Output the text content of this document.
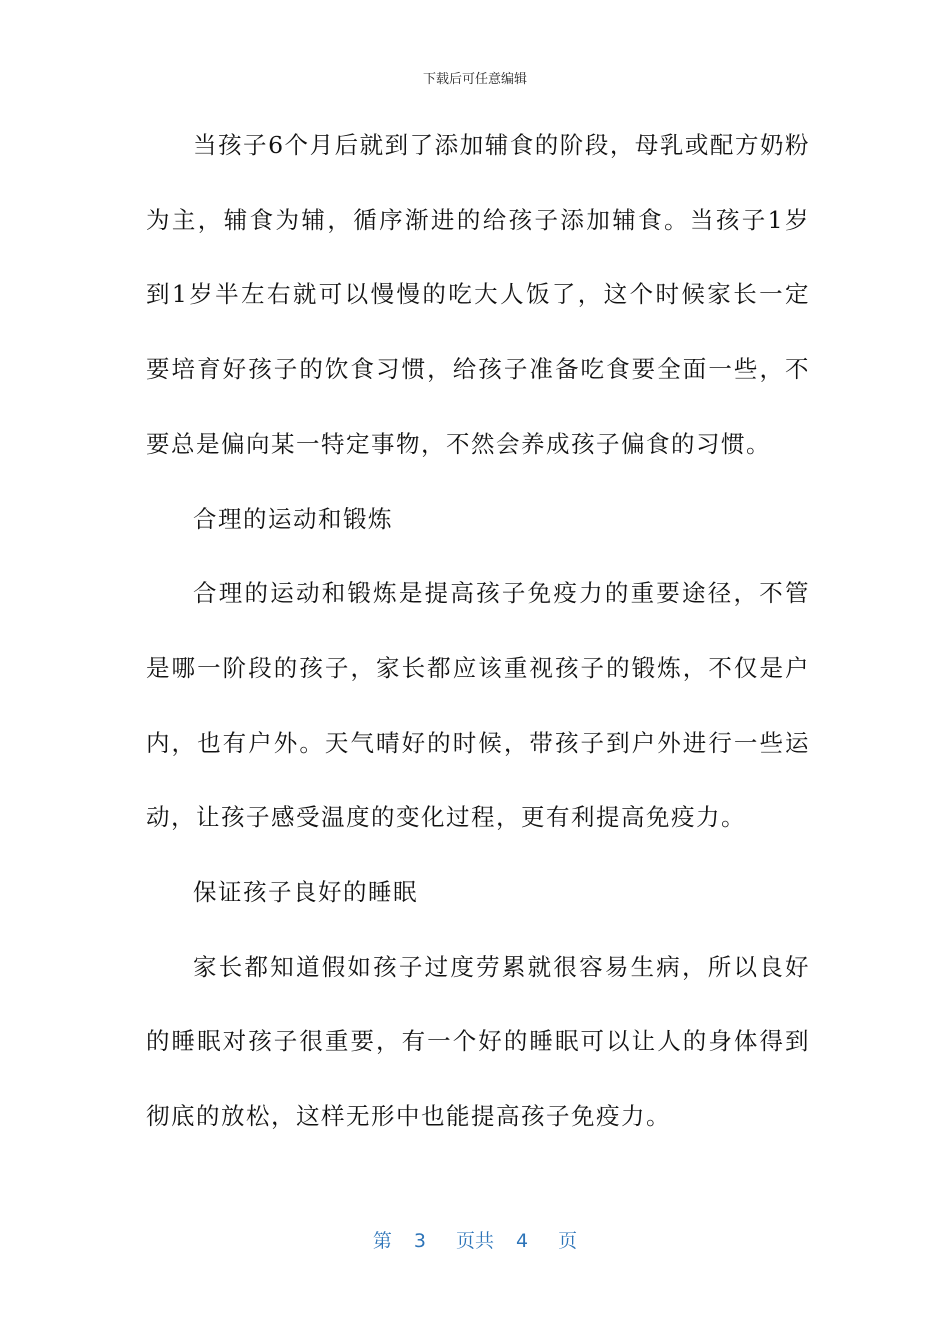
下载后可任意编辑

当孩子6个月后就到了添加辅食的阶段，母乳或配方奶粉为主，辅食为辅，循序渐进的给孩子添加辅食。当孩子1岁到1岁半左右就可以慢慢的吃大人饭了，这个时候家长一定要培育好孩子的饮食习惯，给孩子准备吃食要全面一些，不要总是偏向某一特定事物，不然会养成孩子偏食的习惯。

合理的运动和锻炼

合理的运动和锻炼是提高孩子免疫力的重要途径，不管是哪一阶段的孩子，家长都应该重视孩子的锻炼，不仅是户内，也有户外。天气晴好的时候，带孩子到户外进行一些运动，让孩子感受温度的变化过程，更有利提高免疫力。

保证孩子良好的睡眠

家长都知道假如孩子过度劳累就很容易生病，所以良好的睡眠对孩子很重要，有一个好的睡眠可以让人的身体得到彻底的放松，这样无形中也能提高孩子免疫力。

第 3 页共 4 页
